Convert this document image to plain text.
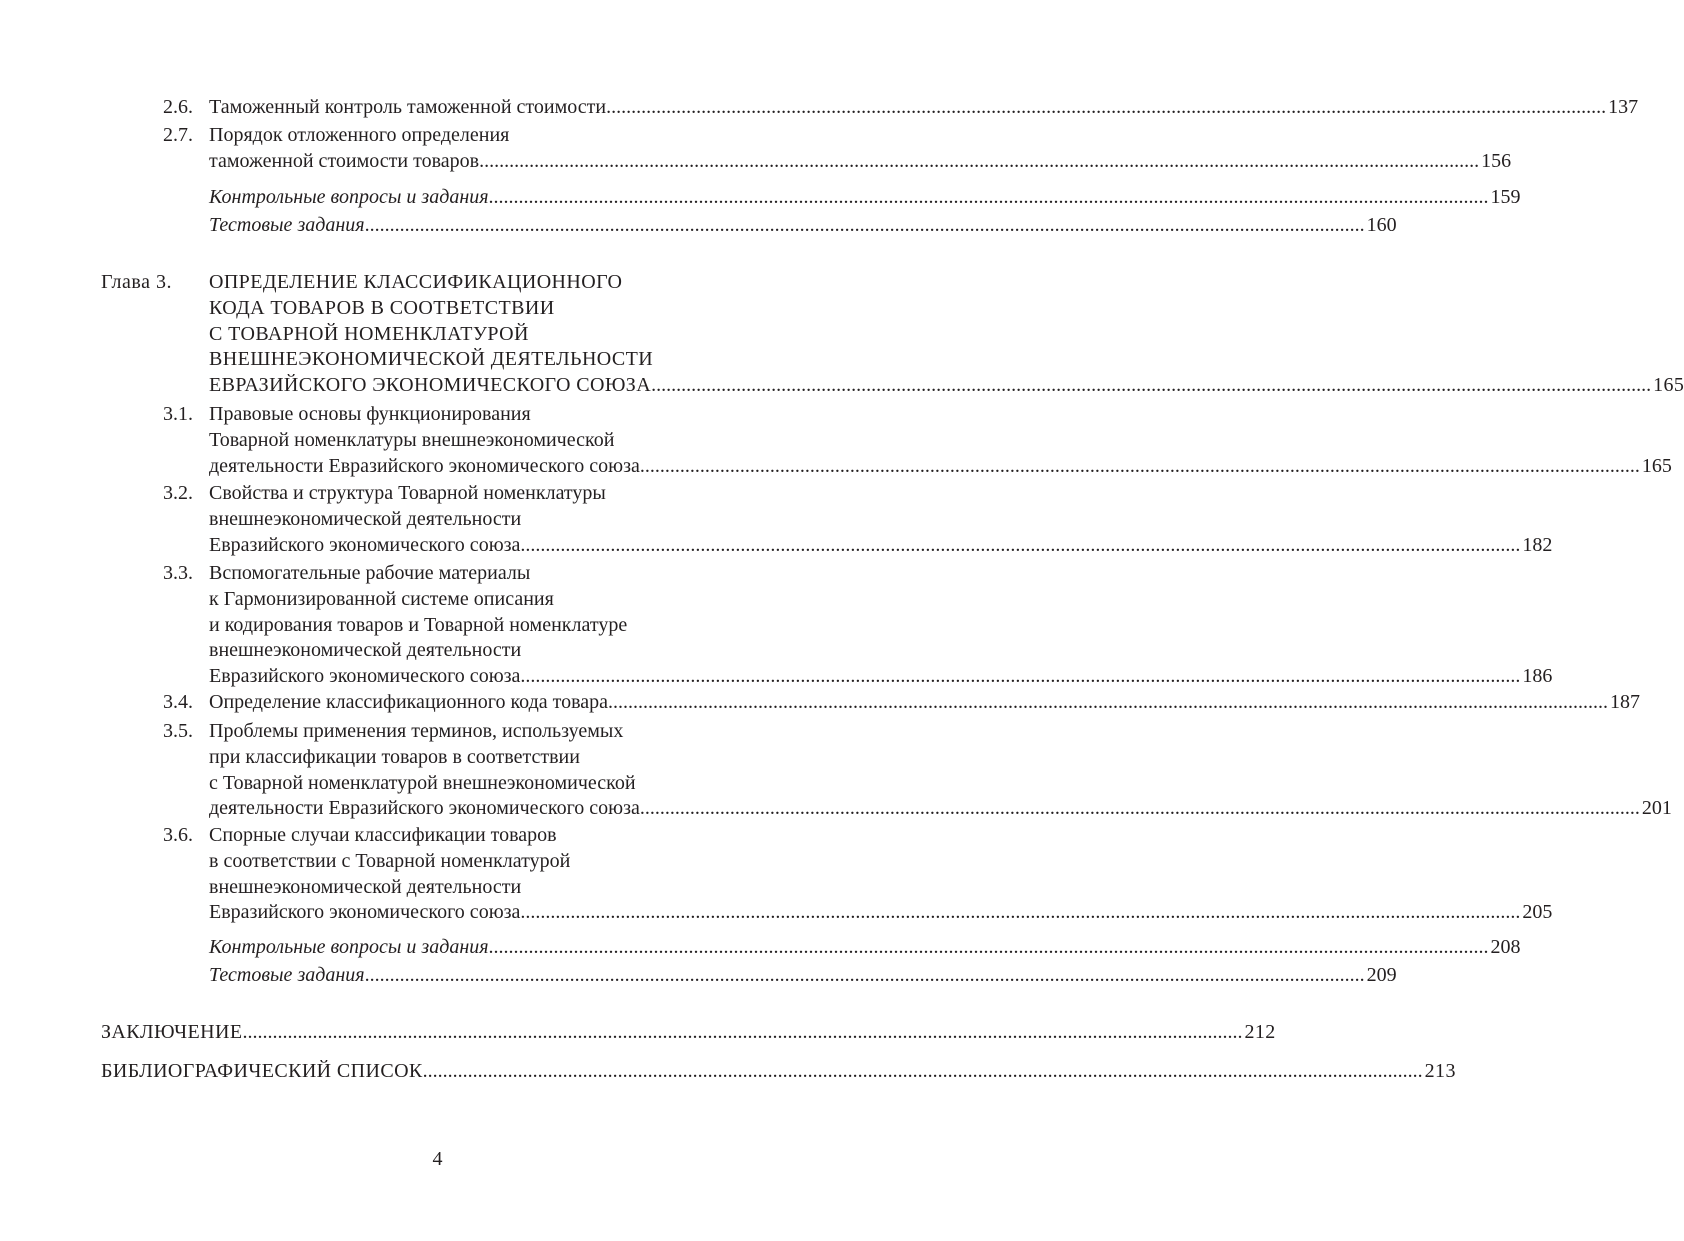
2.6. Таможенный контроль таможенной стоимости ........................................................................................................................................................................................................ 137
2.7. Порядок отложенного определения
таможенной стоимости товаров ........................................................................................................................................................................................................ 156
Контрольные вопросы и задания ........................................................................................................................................................................................................ 159
Тестовые задания ........................................................................................................................................................................................................ 160
Глава 3. ОПРЕДЕЛЕНИЕ КЛАССИФИКАЦИОННОГО
КОДА ТОВАРОВ В СООТВЕТСТВИИ
С ТОВАРНОЙ НОМЕНКЛАТУРОЙ
ВНЕШНЕЭКОНОМИЧЕСКОЙ ДЕЯТЕЛЬНОСТИ
ЕВРАЗИЙСКОГО ЭКОНОМИЧЕСКОГО СОЮЗА ........................................................................................................................................................................................................ 165
3.1. Правовые основы функционирования
Товарной номенклатуры внешнеэкономической
деятельности Евразийского экономического союза ........................................................................................................................................................................................................ 165
3.2. Свойства и структура Товарной номенклатуры
внешнеэкономической деятельности
Евразийского экономического союза ........................................................................................................................................................................................................ 182
3.3. Вспомогательные рабочие материалы
к Гармонизированной системе описания
и кодирования товаров и Товарной номенклатуре
внешнеэкономической деятельности
Евразийского экономического союза ........................................................................................................................................................................................................ 186
3.4. Определение классификационного кода товара ........................................................................................................................................................................................................ 187
3.5. Проблемы применения терминов, используемых
при классификации товаров в соответствии
с Товарной номенклатурой внешнеэкономической
деятельности Евразийского экономического союза ........................................................................................................................................................................................................ 201
3.6. Спорные случаи классификации товаров
в соответствии с Товарной номенклатурой
внешнеэкономической деятельности
Евразийского экономического союза ........................................................................................................................................................................................................ 205
Контрольные вопросы и задания ........................................................................................................................................................................................................ 208
Тестовые задания ........................................................................................................................................................................................................ 209
ЗАКЛЮЧЕНИЕ ........................................................................................................................................................................................................ 212
БИБЛИОГРАФИЧЕСКИЙ СПИСОК ........................................................................................................................................................................................................ 213
4
